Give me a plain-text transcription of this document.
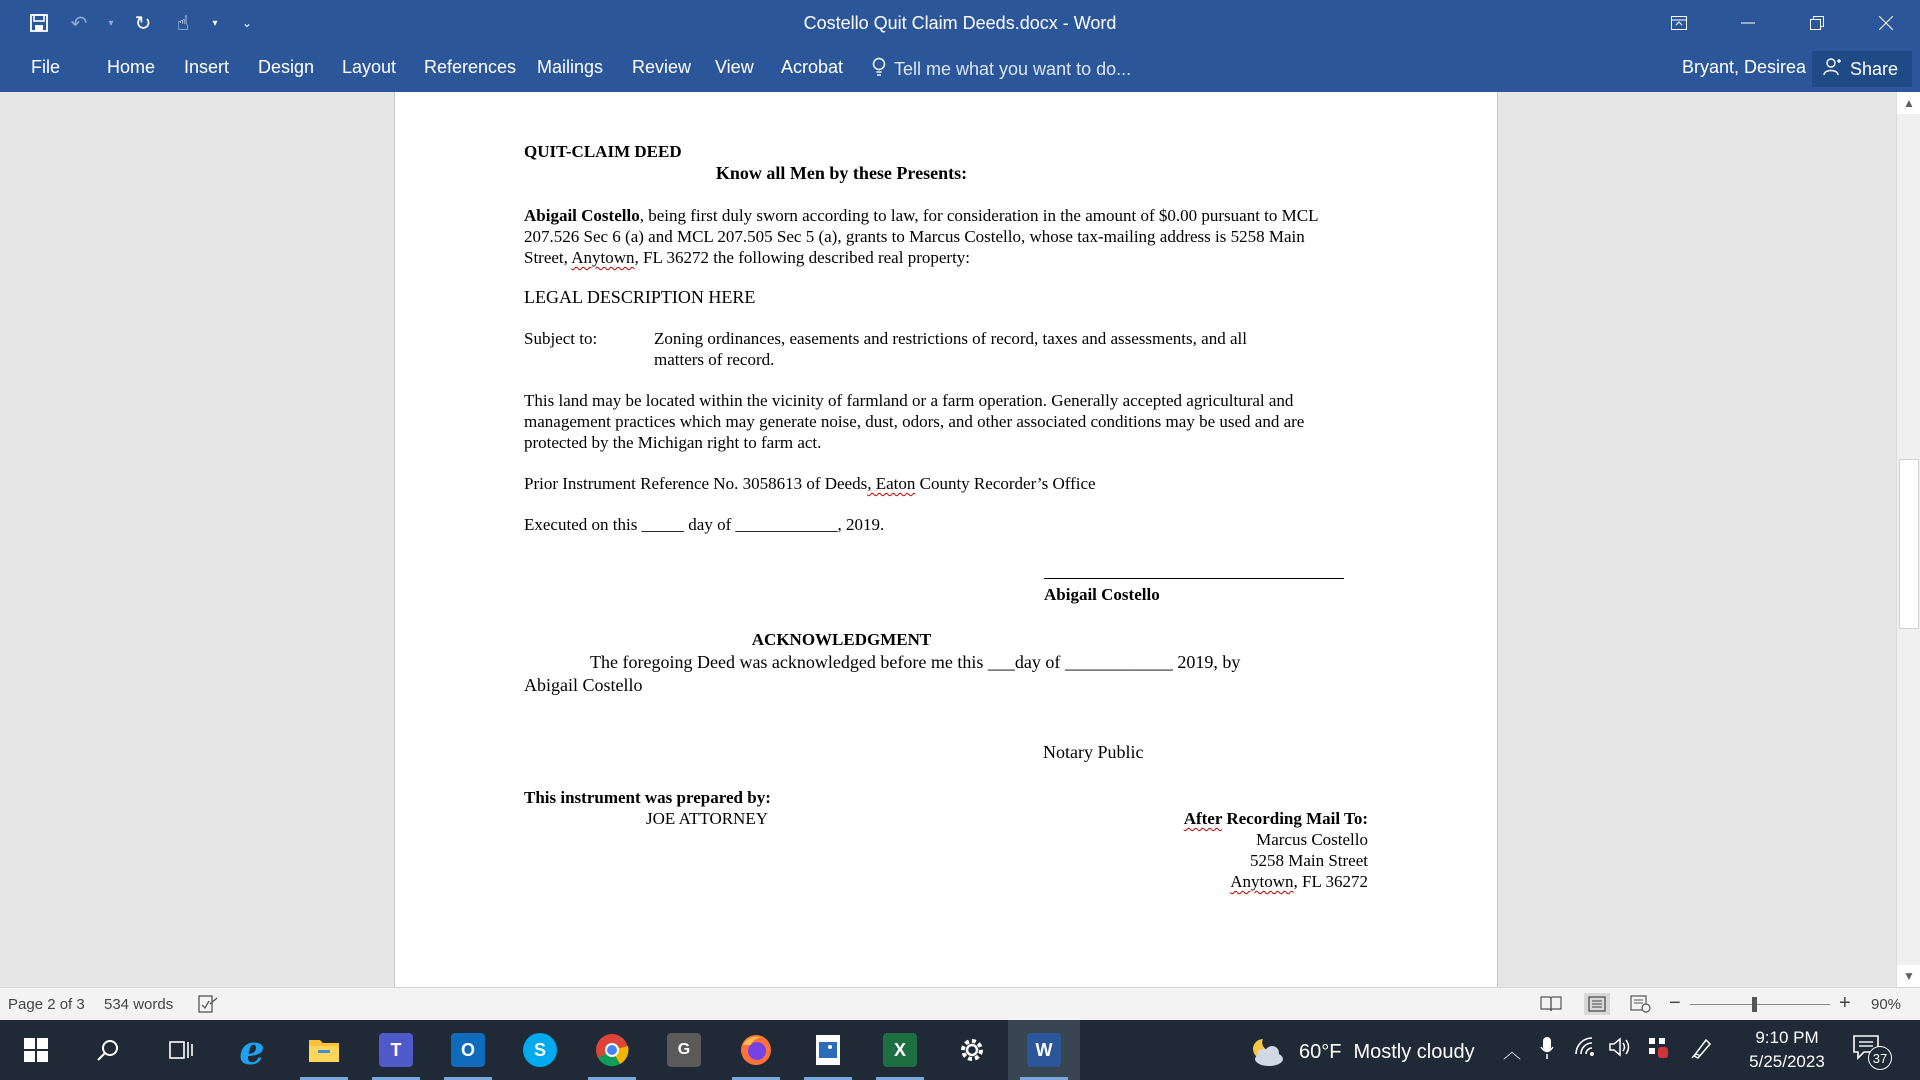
↶	▾ ↻	☝	▾	⌄	Costello Quit Claim Deeds.docx - Word
File	Home Insert Design Layout References Mailings Review View Acrobat	Tell me what you want to do...	Bryant, Desirea Share
QUIT-CLAIM DEED
Know all Men by these Presents:
Abigail Costello, being first duly sworn according to law, for consideration in the amount of $0.00 pursuant to MCL
207.526 Sec 6 (a) and MCL 207.505 Sec 5 (a), grants to Marcus Costello, whose tax-mailing address is 5258 Main
Street, Anytown, FL 36272 the following described real property:
LEGAL DESCRIPTION HERE
Subject to:	Zoning ordinances, easements and restrictions of record, taxes and assessments, and all
matters of record.
This land may be located within the vicinity of farmland or a farm operation. Generally accepted agricultural and
management practices which may generate noise, dust, odors, and other associated conditions may be used and are
protected by the Michigan right to farm act.
Prior Instrument Reference No. 3058613 of Deeds, Eaton County Recorder’s Office
Executed on this _____ day of ____________, 2019.
Abigail Costello
ACKNOWLEDGMENT
The foregoing Deed was acknowledged before me this ___day of ____________ 2019, by
Abigail Costello
Notary Public
This instrument was prepared by:
JOE ATTORNEY	After Recording Mail To:
Marcus Costello
5258 Main Street
Anytown, FL 36272
▲
▼
Page 2 of 3 534 words	−	+ 90%
e	T	O	S	G	X	W	60°F Mostly cloudy ︿
9:10 PM
5/25/2023	37
